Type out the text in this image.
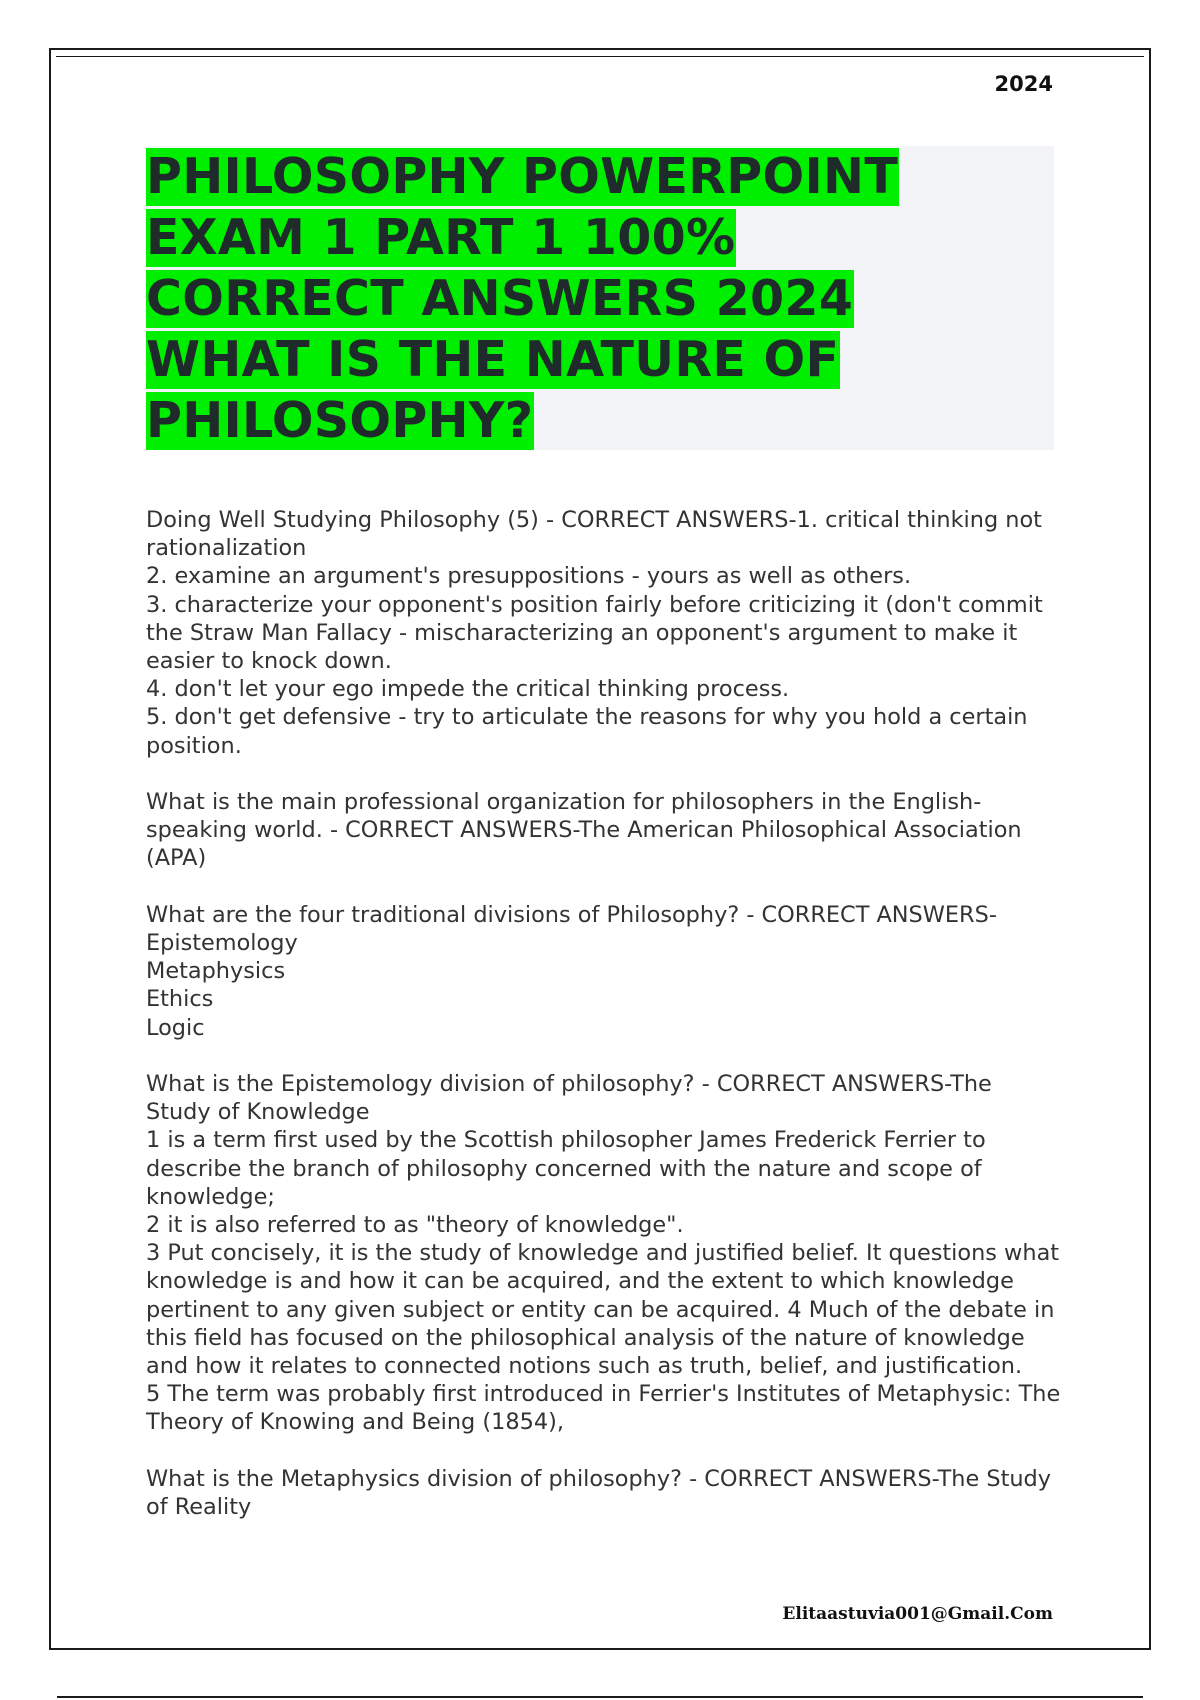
2024
PHILOSOPHY POWERPOINT
EXAM 1 PART 1 100%
CORRECT ANSWERS 2024
WHAT IS THE NATURE OF
PHILOSOPHY?
Doing Well Studying Philosophy (5) - CORRECT ANSWERS-1. critical thinking not rationalization
2. examine an argument's presuppositions - yours as well as others.
3. characterize your opponent's position fairly before criticizing it (don't commit the Straw Man Fallacy - mischaracterizing an opponent's argument to make it easier to knock down.
4. don't let your ego impede the critical thinking process.
5. don't get defensive - try to articulate the reasons for why you hold a certain position.
What is the main professional organization for philosophers in the English-speaking world. - CORRECT ANSWERS-The American Philosophical Association (APA)
What are the four traditional divisions of Philosophy? - CORRECT ANSWERS-Epistemology
Metaphysics
Ethics
Logic
What is the Epistemology division of philosophy? - CORRECT ANSWERS-The Study of Knowledge
1 is a term first used by the Scottish philosopher James Frederick Ferrier to describe the branch of philosophy concerned with the nature and scope of knowledge;
2 it is also referred to as "theory of knowledge".
3 Put concisely, it is the study of knowledge and justified belief. It questions what knowledge is and how it can be acquired, and the extent to which knowledge pertinent to any given subject or entity can be acquired. 4 Much of the debate in this field has focused on the philosophical analysis of the nature of knowledge and how it relates to connected notions such as truth, belief, and justification.
5 The term was probably first introduced in Ferrier's Institutes of Metaphysic: The Theory of Knowing and Being (1854),
What is the Metaphysics division of philosophy? - CORRECT ANSWERS-The Study of Reality
Elitaastuvia001@Gmail.Com
